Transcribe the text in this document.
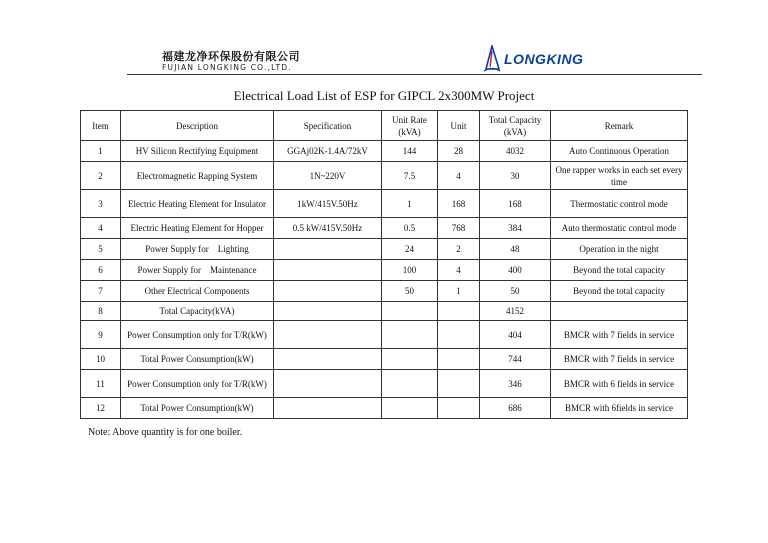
福建龙净环保股份有限公司
FUJIAN LONGKING CO.,LTD.
LONGKING
Electrical Load List of ESP for GIPCL 2x300MW Project
Item	Description	Specification	Unit Rate (kVA)	Unit	Total Capacity (kVA)	Remark
1	HV Silicon Rectifying Equipment	GGAj02K-1.4A/72kV	144	28	4032	Auto Continuous Operation
2	Electromagnetic Rapping System	1N~220V	7.5	4	30	One rapper works in each set every time
3	Electric Heating Element for Insulator	1kW/415V.50Hz	1	168	168	Thermostatic control mode
4	Electric Heating Element for Hopper	0.5 kW/415V.50Hz	0.5	768	384	Auto thermostatic control mode
5	Power Supply for    Lighting		24	2	48	Operation in the night
6	Power Supply for    Maintenance		100	4	400	Beyond the total capacity
7	Other Electrical Components		50	1	50	Beyond the total capacity
8	Total Capacity(kVA)				4152	
9	Power Consumption only for T/R(kW)				404	BMCR with 7 fields in service
10	Total Power Consumption(kW)				744	BMCR with 7 fields in service
11	Power Consumption only for T/R(kW)				346	BMCR with 6 fields in service
12	Total Power Consumption(kW)				686	BMCR with 6fields in service
Note: Above quantity is for one boiler.
